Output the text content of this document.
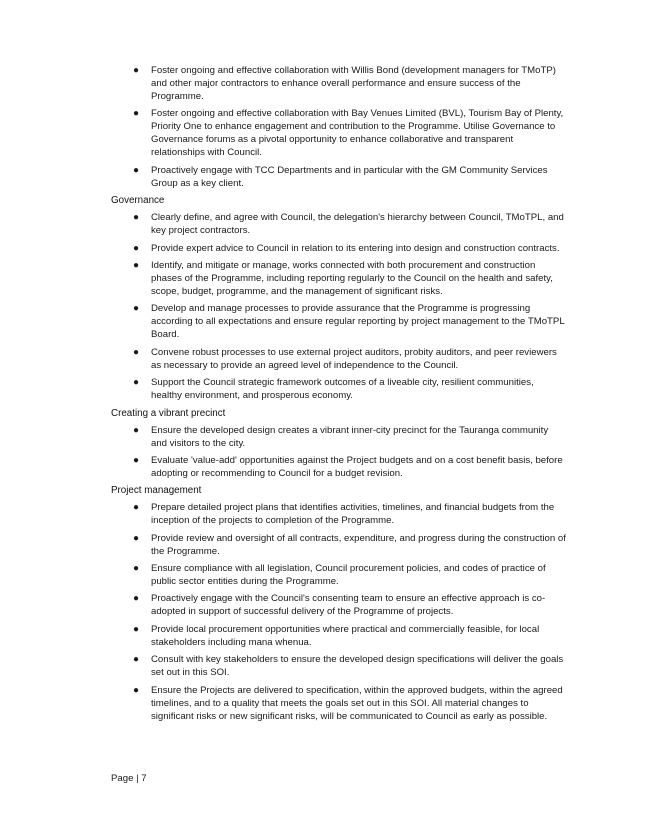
● Foster ongoing and effective collaboration with Willis Bond (development managers for TMoTP) and other major contractors to enhance overall performance and ensure success of the Programme.
● Foster ongoing and effective collaboration with Bay Venues Limited (BVL), Tourism Bay of Plenty, Priority One to enhance engagement and contribution to the Programme. Utilise Governance to Governance forums as a pivotal opportunity to enhance collaborative and transparent relationships with Council.
● Proactively engage with TCC Departments and in particular with the GM Community Services Group as a key client.
Governance
● Clearly define, and agree with Council, the delegation's hierarchy between Council, TMoTPL, and key project contractors.
● Provide expert advice to Council in relation to its entering into design and construction contracts.
● Identify, and mitigate or manage, works connected with both procurement and construction phases of the Programme, including reporting regularly to the Council on the health and safety, scope, budget, programme, and the management of significant risks.
● Develop and manage processes to provide assurance that the Programme is progressing according to all expectations and ensure regular reporting by project management to the TMoTPL Board.
● Convene robust processes to use external project auditors, probity auditors, and peer reviewers as necessary to provide an agreed level of independence to the Council.
● Support the Council strategic framework outcomes of a liveable city, resilient communities, healthy environment, and prosperous economy.
Creating a vibrant precinct
● Ensure the developed design creates a vibrant inner-city precinct for the Tauranga community and visitors to the city.
● Evaluate 'value-add' opportunities against the Project budgets and on a cost benefit basis, before adopting or recommending to Council for a budget revision.
Project management
● Prepare detailed project plans that identifies activities, timelines, and financial budgets from the inception of the projects to completion of the Programme.
● Provide review and oversight of all contracts, expenditure, and progress during the construction of the Programme.
● Ensure compliance with all legislation, Council procurement policies, and codes of practice of public sector entities during the Programme.
● Proactively engage with the Council's consenting team to ensure an effective approach is co-adopted in support of successful delivery of the Programme of projects.
● Provide local procurement opportunities where practical and commercially feasible, for local stakeholders including mana whenua.
● Consult with key stakeholders to ensure the developed design specifications will deliver the goals set out in this SOI.
● Ensure the Projects are delivered to specification, within the approved budgets, within the agreed timelines, and to a quality that meets the goals set out in this SOI. All material changes to significant risks or new significant risks, will be communicated to Council as early as possible.
Page | 7
